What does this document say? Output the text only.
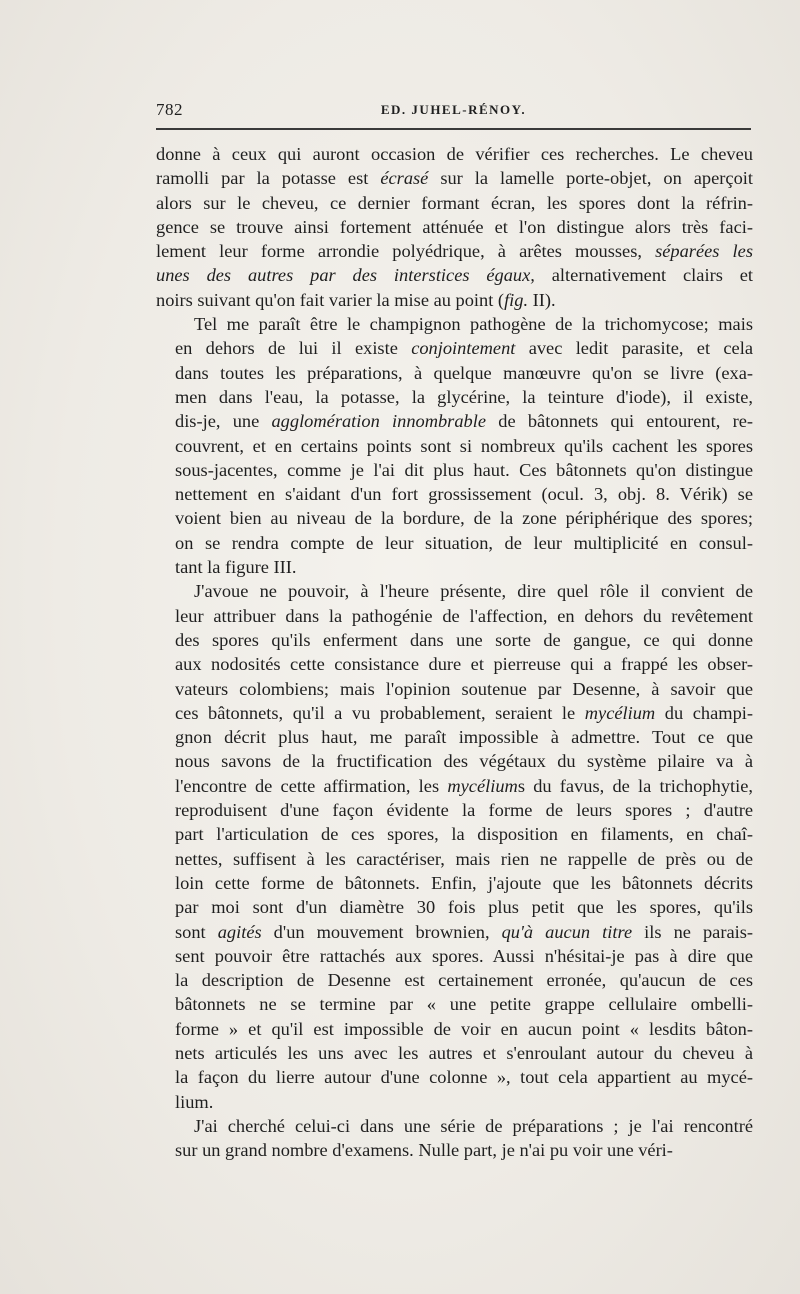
782	ED. JUHEL-RÉNOY.
donne à ceux qui auront occasion de vérifier ces recherches. Le cheveu
ramolli par la potasse est écrasé sur la lamelle porte-objet, on aperçoit
alors sur le cheveu, ce dernier formant écran, les spores dont la réfrin-
gence se trouve ainsi fortement atténuée et l'on distingue alors très faci-
lement leur forme arrondie polyédrique, à arêtes mousses, séparées les
unes des autres par des interstices égaux, alternativement clairs et
noirs suivant qu'on fait varier la mise au point (fig. II).
Tel me paraît être le champignon pathogène de la trichomycose; mais
en dehors de lui il existe conjointement avec ledit parasite, et cela
dans toutes les préparations, à quelque manœuvre qu'on se livre (exa-
men dans l'eau, la potasse, la glycérine, la teinture d'iode), il existe,
dis-je, une agglomération innombrable de bâtonnets qui entourent, re-
couvrent, et en certains points sont si nombreux qu'ils cachent les spores
sous-jacentes, comme je l'ai dit plus haut. Ces bâtonnets qu'on distingue
nettement en s'aidant d'un fort grossissement (ocul. 3, obj. 8. Vérik) se
voient bien au niveau de la bordure, de la zone périphérique des spores;
on se rendra compte de leur situation, de leur multiplicité en consul-
tant la figure III.
J'avoue ne pouvoir, à l'heure présente, dire quel rôle il convient de
leur attribuer dans la pathogénie de l'affection, en dehors du revêtement
des spores qu'ils enferment dans une sorte de gangue, ce qui donne
aux nodosités cette consistance dure et pierreuse qui a frappé les obser-
vateurs colombiens; mais l'opinion soutenue par Desenne, à savoir que
ces bâtonnets, qu'il a vu probablement, seraient le mycélium du champi-
gnon décrit plus haut, me paraît impossible à admettre. Tout ce que
nous savons de la fructification des végétaux du système pilaire va à
l'encontre de cette affirmation, les mycéliums du favus, de la trichophytie,
reproduisent d'une façon évidente la forme de leurs spores ; d'autre
part l'articulation de ces spores, la disposition en filaments, en chaî-
nettes, suffisent à les caractériser, mais rien ne rappelle de près ou de
loin cette forme de bâtonnets. Enfin, j'ajoute que les bâtonnets décrits
par moi sont d'un diamètre 30 fois plus petit que les spores, qu'ils
sont agités d'un mouvement brownien, qu'à aucun titre ils ne parais-
sent pouvoir être rattachés aux spores. Aussi n'hésitai-je pas à dire que
la description de Desenne est certainement erronée, qu'aucun de ces
bâtonnets ne se termine par « une petite grappe cellulaire ombelli-
forme » et qu'il est impossible de voir en aucun point « lesdits bâton-
nets articulés les uns avec les autres et s'enroulant autour du cheveu à
la façon du lierre autour d'une colonne », tout cela appartient au mycé-
lium.
J'ai cherché celui-ci dans une série de préparations ; je l'ai rencontré
sur un grand nombre d'examens. Nulle part, je n'ai pu voir une véri-
